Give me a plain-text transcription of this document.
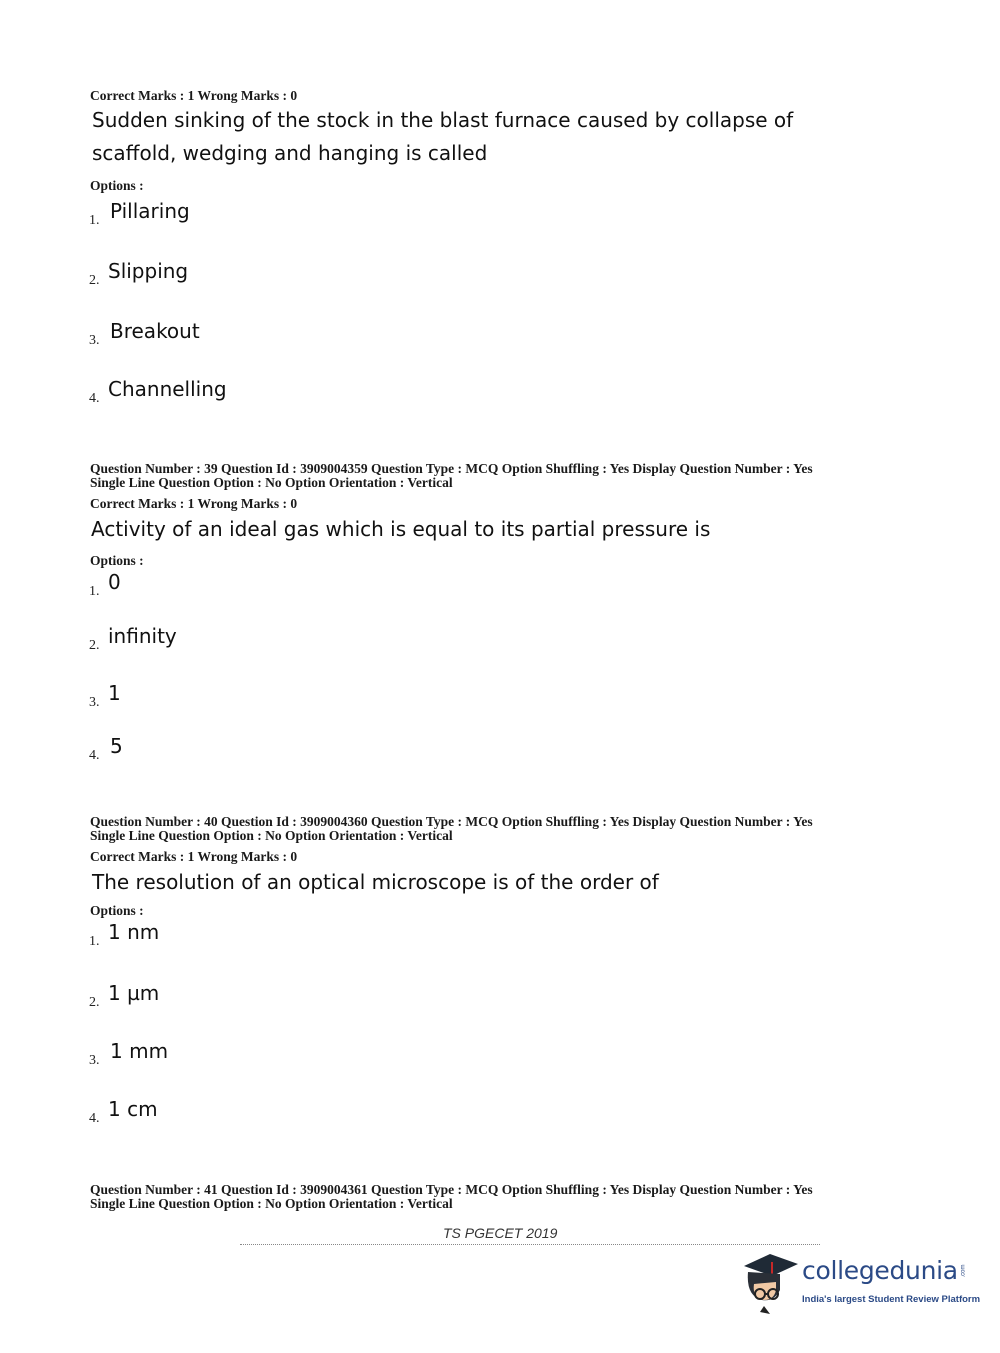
Correct Marks : 1 Wrong Marks : 0
Sudden sinking of the stock in the blast furnace caused by collapse of
scaffold, wedging and hanging is called
Options :
1. Pillaring
2. Slipping
3. Breakout
4. Channelling
Question Number : 39 Question Id : 3909004359 Question Type : MCQ Option Shuffling : Yes Display Question Number : Yes
Single Line Question Option : No Option Orientation : Vertical
Correct Marks : 1 Wrong Marks : 0
Activity of an ideal gas which is equal to its partial pressure is
Options :
1. 0
2. infinity
3. 1
4. 5
Question Number : 40 Question Id : 3909004360 Question Type : MCQ Option Shuffling : Yes Display Question Number : Yes
Single Line Question Option : No Option Orientation : Vertical
Correct Marks : 1 Wrong Marks : 0
The resolution of an optical microscope is of the order of
Options :
1. 1 nm
2. 1 µm
3. 1 mm
4. 1 cm
Question Number : 41 Question Id : 3909004361 Question Type : MCQ Option Shuffling : Yes Display Question Number : Yes
Single Line Question Option : No Option Orientation : Vertical
TS PGECET 2019
collegedunia .com
India's largest Student Review Platform
